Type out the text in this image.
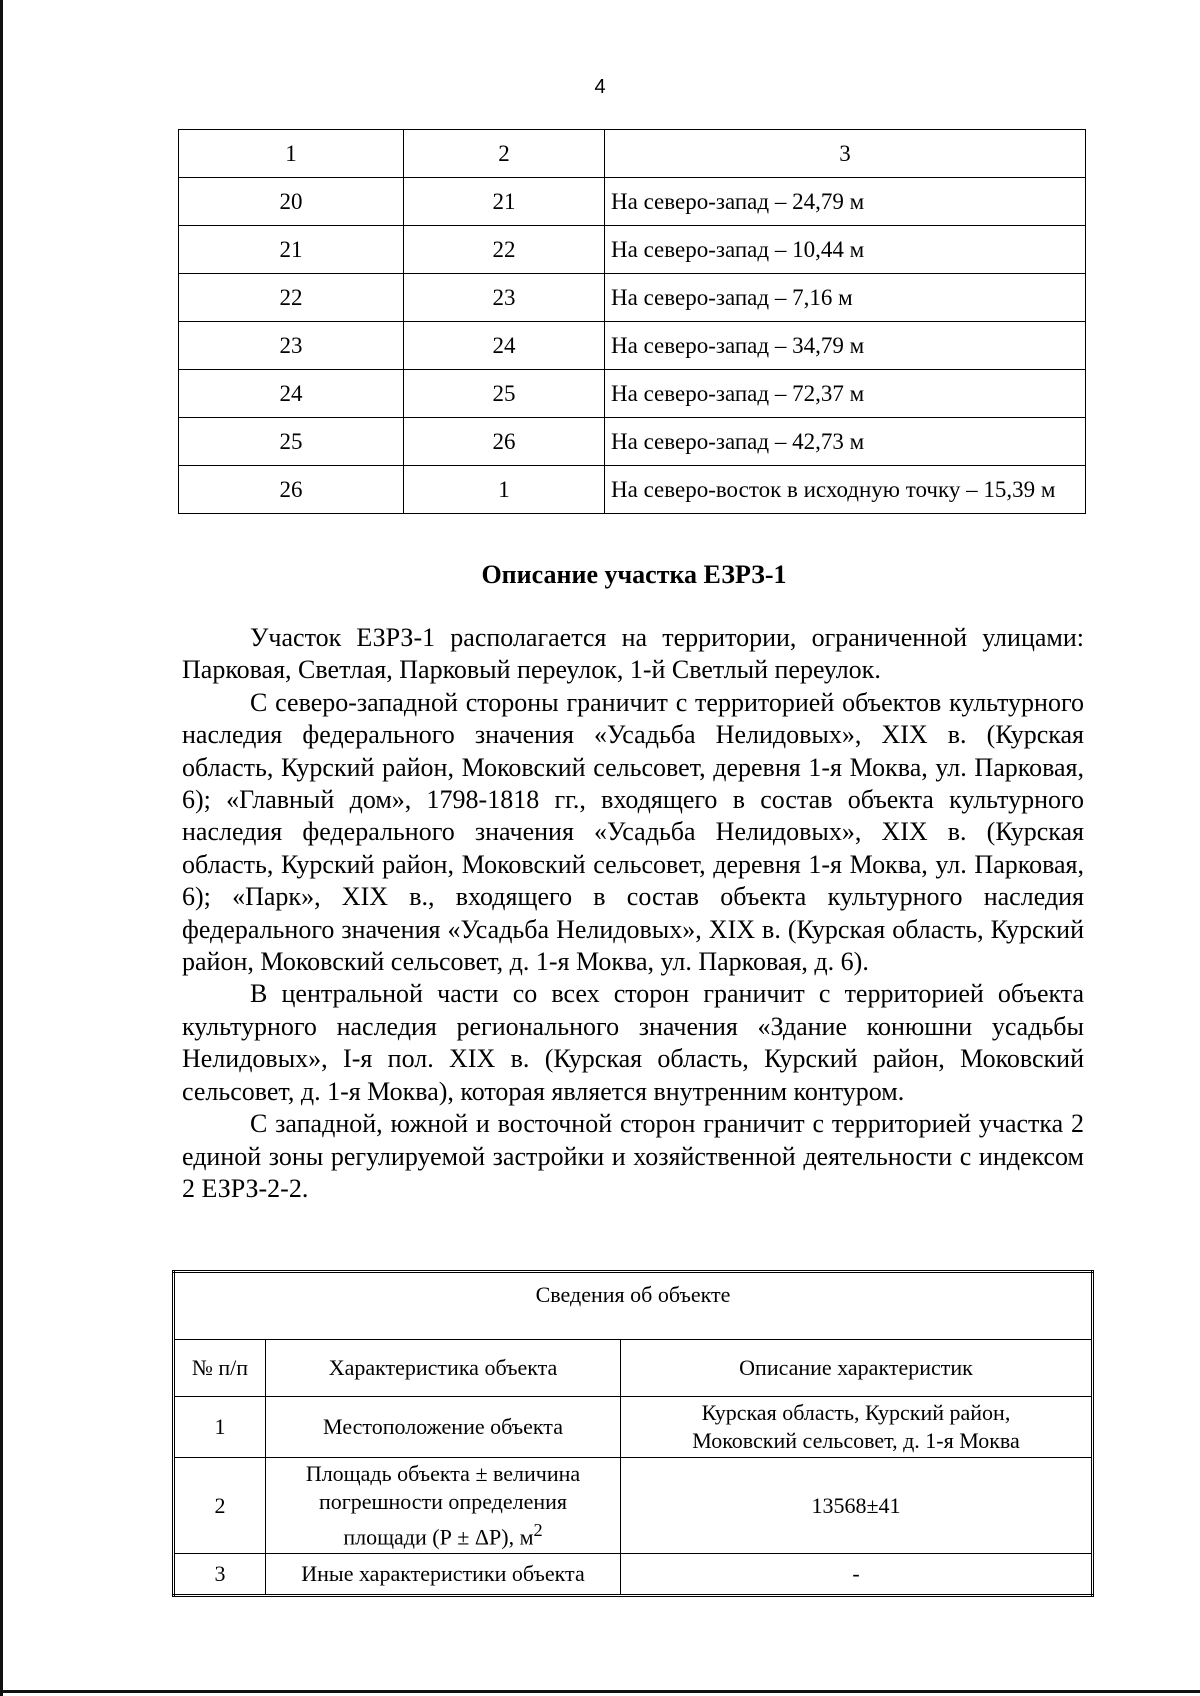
4
1	2	3
20	21	На северо-запад – 24,79 м
21	22	На северо-запад – 10,44 м
22	23	На северо-запад – 7,16 м
23	24	На северо-запад – 34,79 м
24	25	На северо-запад – 72,37 м
25	26	На северо-запад – 42,73 м
26	1	На северо-восток в исходную точку – 15,39 м
Описание участка ЕЗРЗ-1

Участок ЕЗРЗ-1 располагается на территории, ограниченной улицами: Парковая, Светлая, Парковый переулок, 1-й Светлый переулок.

С северо-западной стороны граничит с территорией объектов культурного наследия федерального значения «Усадьба Нелидовых», XIX в. (Курская область, Курский район, Моковский сельсовет, деревня 1-я Моква, ул. Парковая, 6); «Главный дом», 1798-1818 гг., входящего в состав объекта культурного наследия федерального значения «Усадьба Нелидовых», XIX в. (Курская область, Курский район, Моковский сельсовет, деревня 1-я Моква, ул. Парковая, 6); «Парк», XIX в., входящего в состав объекта культурного наследия федерального значения «Усадьба Нелидовых», XIX в. (Курская область, Курский район, Моковский сельсовет, д. 1-я Моква, ул. Парковая, д. 6).

В центральной части со всех сторон граничит с территорией объекта культурного наследия регионального значения «Здание конюшни усадьбы Нелидовых», I-я пол. XIX в. (Курская область, Курский район, Моковский сельсовет, д. 1-я Моква), которая является внутренним контуром.

С западной, южной и восточной сторон граничит с территорией участка 2 единой зоны регулируемой застройки и хозяйственной деятельности с индексом 2 ЕЗРЗ-2-2.

Сведения об объекте		
№ п/п	Характеристика объекта	Описание характеристик
1	Местоположение объекта	Курская область, Курский район,
Моковский сельсовет, д. 1-я Моква

2	Площадь объекта ± величина
погрешности определения
площади (Р ± ΔР), $м^2$	13568±41
3	Иные характеристики объекта	-
